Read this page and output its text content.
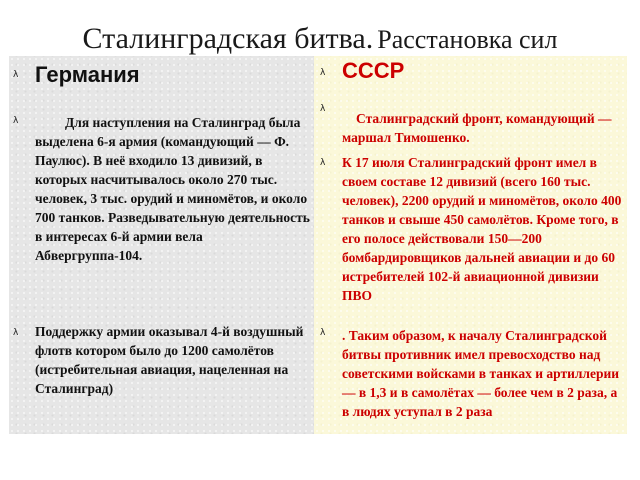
Сталинградская битва. Расстановка сил
λ Германия
λ	Для наступления на Сталинград была выделена 6-я армия (командующий — Ф. Паулюс). В неё входило 13 дивизий, в которых насчитывалось около 270 тыс. человек, 3 тыс. орудий и миномётов, и около 700 танков. Разведывательную деятельность в интересах 6-й армии вела Абвергруппа-104.
λ Поддержку армии оказывал 4-й воздушный флотв котором было до 1200 самолётов (истребительная авиация, нацеленная на Сталинград)
λ СССР
λ
Сталинградский фронт, командующий — маршал Тимошенко.
λ К 17 июля Сталинградский фронт имел в своем составе 12 дивизий (всего 160 тыс. человек), 2200 орудий и миномётов, около 400 танков и свыше 450 самолётов. Кроме того, в его полосе действовали 150—200 бомбардировщиков дальней авиации и до 60 истребителей 102-й авиационной дивизии ПВО
λ . Таким образом, к началу Сталинградской битвы противник имел превосходство над советскими войсками в танках и артиллерии — в 1,3 и в самолётах — более чем в 2 раза, а в людях уступал в 2 раза
